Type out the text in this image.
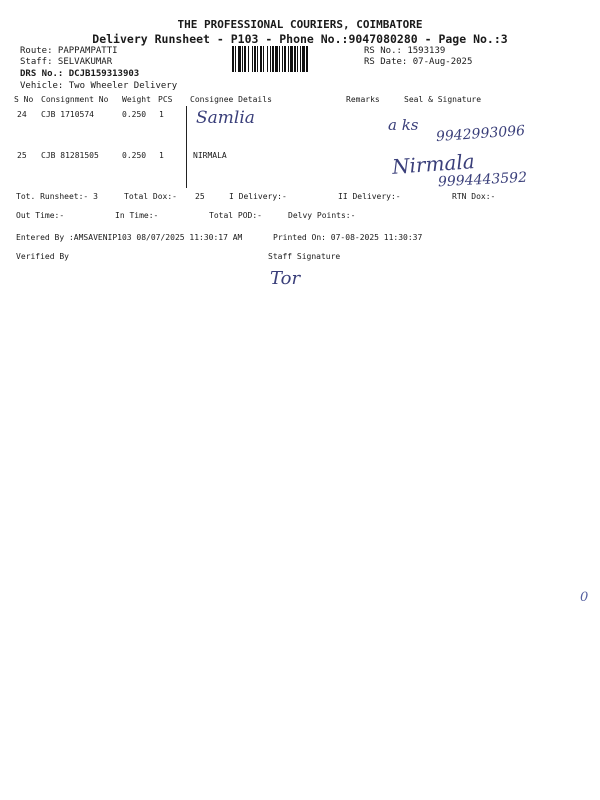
THE PROFESSIONAL COURIERS, COIMBATORE
Delivery Runsheet - P103 - Phone No.:9047080280 - Page No.:3
Route: PAPPAMPATTI
Staff: SELVAKUMAR
DRS No.: DCJB159313903
Vehicle: Two Wheeler Delivery
RS No.: 1593139
RS Date: 07-Aug-2025
S No Consignment No Weight PCS Consignee Details	Remarks	Seal & Signature
24 CJB 1710574	0.250 1 Samlia	a ks 9942993096
25 CJB 81281505	0.250 1	NIRMALA	Nirmala
9994443592
Tot. Runsheet:- 3	Total Dox:- 25	I Delivery:-	II Delivery:-	RTN Dox:-
Out Time:-	In Time:-	Total POD:-	Delvy Points:-
Entered By :AMSAVENIP103 08/07/2025 11:30:17 AM	Printed On: 07-08-2025 11:30:37
Verified By	Staff Signature
Tor
0
